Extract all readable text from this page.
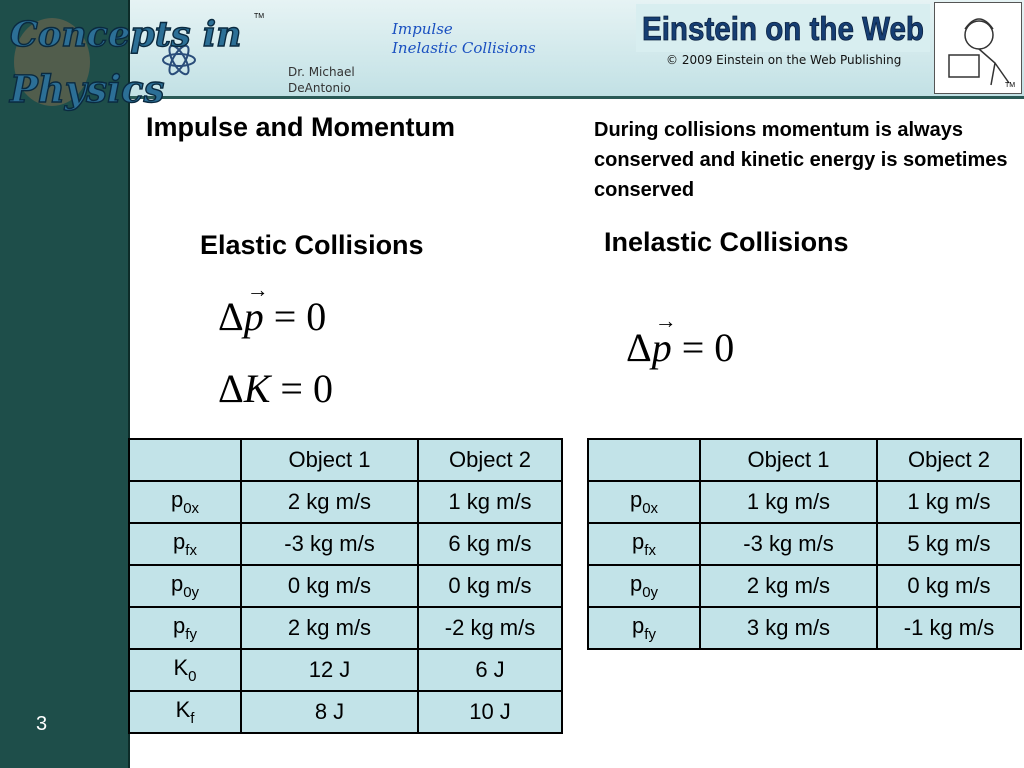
3
Concepts in
Physics
TM
Dr. Michael
DeAntonio
Impulse
Inelastic Collisions
Einstein on the Web
© 2009 Einstein on the Web Publishing
TM
Impulse and Momentum	During collisions momentum is always conserved and kinetic energy is sometimes conserved
Elastic Collisions	Inelastic Collisions
Δ
→
p = 0
ΔK = 0
Δ
→
p = 0
	Object 1	Object 2
$p_{0x}$	2 kg m/s	1 kg m/s
$p_{fx}$	-3 kg m/s	6 kg m/s
$p_{0y}$	0 kg m/s	0 kg m/s
$p_{fy}$	2 kg m/s	-2 kg m/s
$K_0$	12 J	6 J
$K_f$	8 J	10 J
	Object 1	Object 2
$p_{0x}$	1 kg m/s	1 kg m/s
$p_{fx}$	-3 kg m/s	5 kg m/s
$p_{0y}$	2 kg m/s	0 kg m/s
$p_{fy}$	3 kg m/s	-1 kg m/s
